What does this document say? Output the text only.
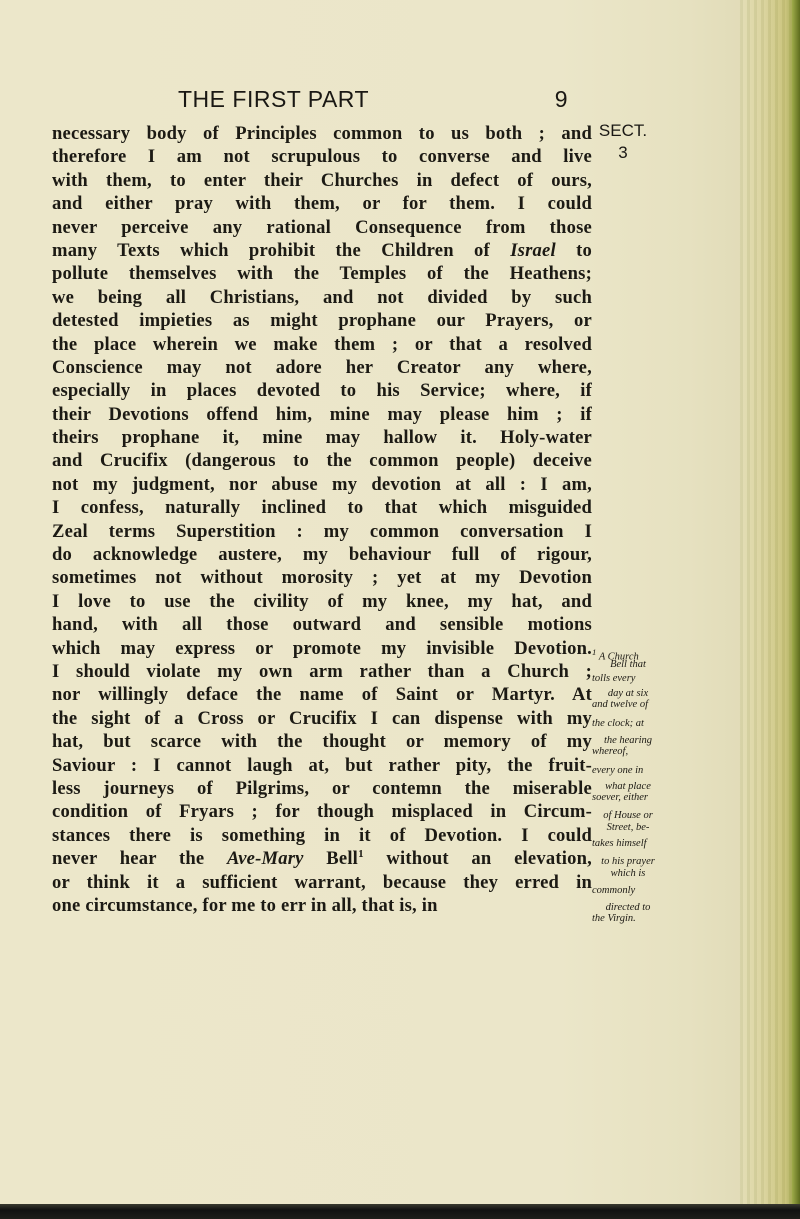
THE FIRST PART	9
SECT.
3
necessary body of Principles common to us both ; and
therefore I am not scrupulous to converse and live
with them, to enter their Churches in defect of ours,
and either pray with them, or for them. I could
never perceive any rational Consequence from those
many Texts which prohibit the Children of Israel to
pollute themselves with the Temples of the Heathens;
we being all Christians, and not divided by such
detested impieties as might prophane our Prayers, or
the place wherein we make them ; or that a resolved
Conscience may not adore her Creator any where,
especially in places devoted to his Service; where, if
their Devotions offend him, mine may please him ; if
theirs prophane it, mine may hallow it. Holy-water
and Crucifix (dangerous to the common people) deceive
not my judgment, nor abuse my devotion at all : I am,
I confess, naturally inclined to that which misguided
Zeal terms Superstition : my common conversation I
do acknowledge austere, my behaviour full of rigour,
sometimes not without morosity ; yet at my Devotion
I love to use the civility of my knee, my hat, and
hand, with all those outward and sensible motions
which may express or promote my invisible Devotion.
I should violate my own arm rather than a Church ;
nor willingly deface the name of Saint or Martyr. At
the sight of a Cross or Crucifix I can dispense with my
hat, but scarce with the thought or memory of my
Saviour : I cannot laugh at, but rather pity, the fruit-
less journeys of Pilgrims, or contemn the miserable
condition of Fryars ; for though misplaced in Circum-
stances there is something in it of Devotion. I could
never hear the Ave-Mary Bell$^1$ without an elevation,
or think it a sufficient warrant, because they erred in
one circumstance, for me to err in all, that is, in
$^1$ A Church
Bell that
tolls every
day at six
and twelve of
the clock; at
the hearing
whereof,
every one in
what place
soever, either
of House or
Street, be-
takes himself
to his prayer
which is
commonly
directed to
the Virgin.
